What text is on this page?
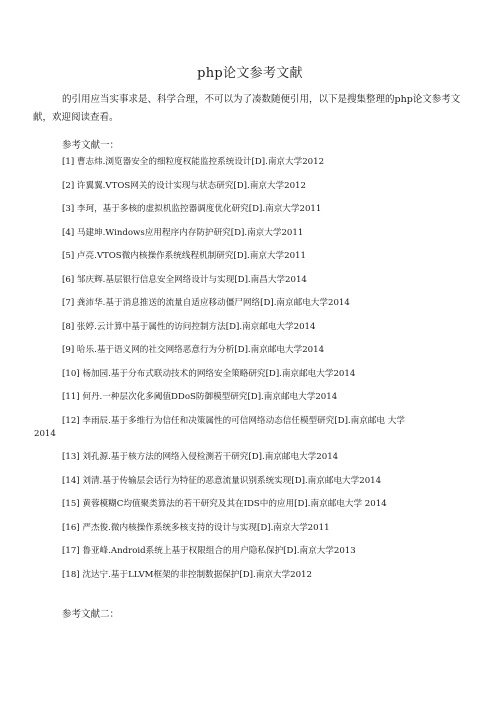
php论文参考文献
的引用应当实事求是、科学合理，不可以为了凑数随便引用，以下是搜集整理的php论文参考文献，欢迎阅读查看。
参考文献一：
[1] 曹志炜.浏览器安全的细粒度权能监控系统设计[D].南京大学2012
[2] 许翼翼.VTOS网关的设计实现与状态研究[D].南京大学2012
[3] 李珂，基于多核的虚拟机监控器调度优化研究[D].南京大学2011
[4] 马建坤.Windows应用程序内存防护研究[D].南京大学2011
[5] 卢亮.VTOS微内核操作系统线程机制研究[D].南京大学2011
[6] 邹庆辉.基层银行信息安全网络设计与实现[D].南昌大学2014
[7] 龚沛华.基于消息推送的流量自适应移动僵尸网络[D].南京邮电大学2014
[8] 张婷.云计算中基于属性的访问控制方法[D].南京邮电大学2014
[9] 哈乐.基于语义网的社交网络恶意行为分析[D].南京邮电大学2014
[10] 杨加园.基于分布式联动技术的网络安全策略研究[D].南京邮电大学2014
[11] 何丹.一种层次化多阈值DDoS防御模型研究[D].南京邮电大学2014
[12] 李雨辰.基于多维行为信任和决策属性的可信网络动态信任模型研究[D].南京邮电 大学2014
[13] 刘孔源.基于核方法的网络入侵检测若干研究[D].南京邮电大学2014
[14] 刘清.基于传输层会话行为特征的恶意流量识别系统实现[D].南京邮电大学2014
[15] 黄蓉模糊C均值聚类算法的若干研究及其在IDS中的应用[D].南京邮电大学 2014
[16] 严杰俊.微内核操作系统多核支持的设计与实现[D].南京大学2011
[17] 鲁亚峰.Android系统上基于权限组合的用户隐私保护[D].南京大学2013
[18] 沈达宁.基于LLVM框架的非控制数据保护[D].南京大学2012
参考文献二：
